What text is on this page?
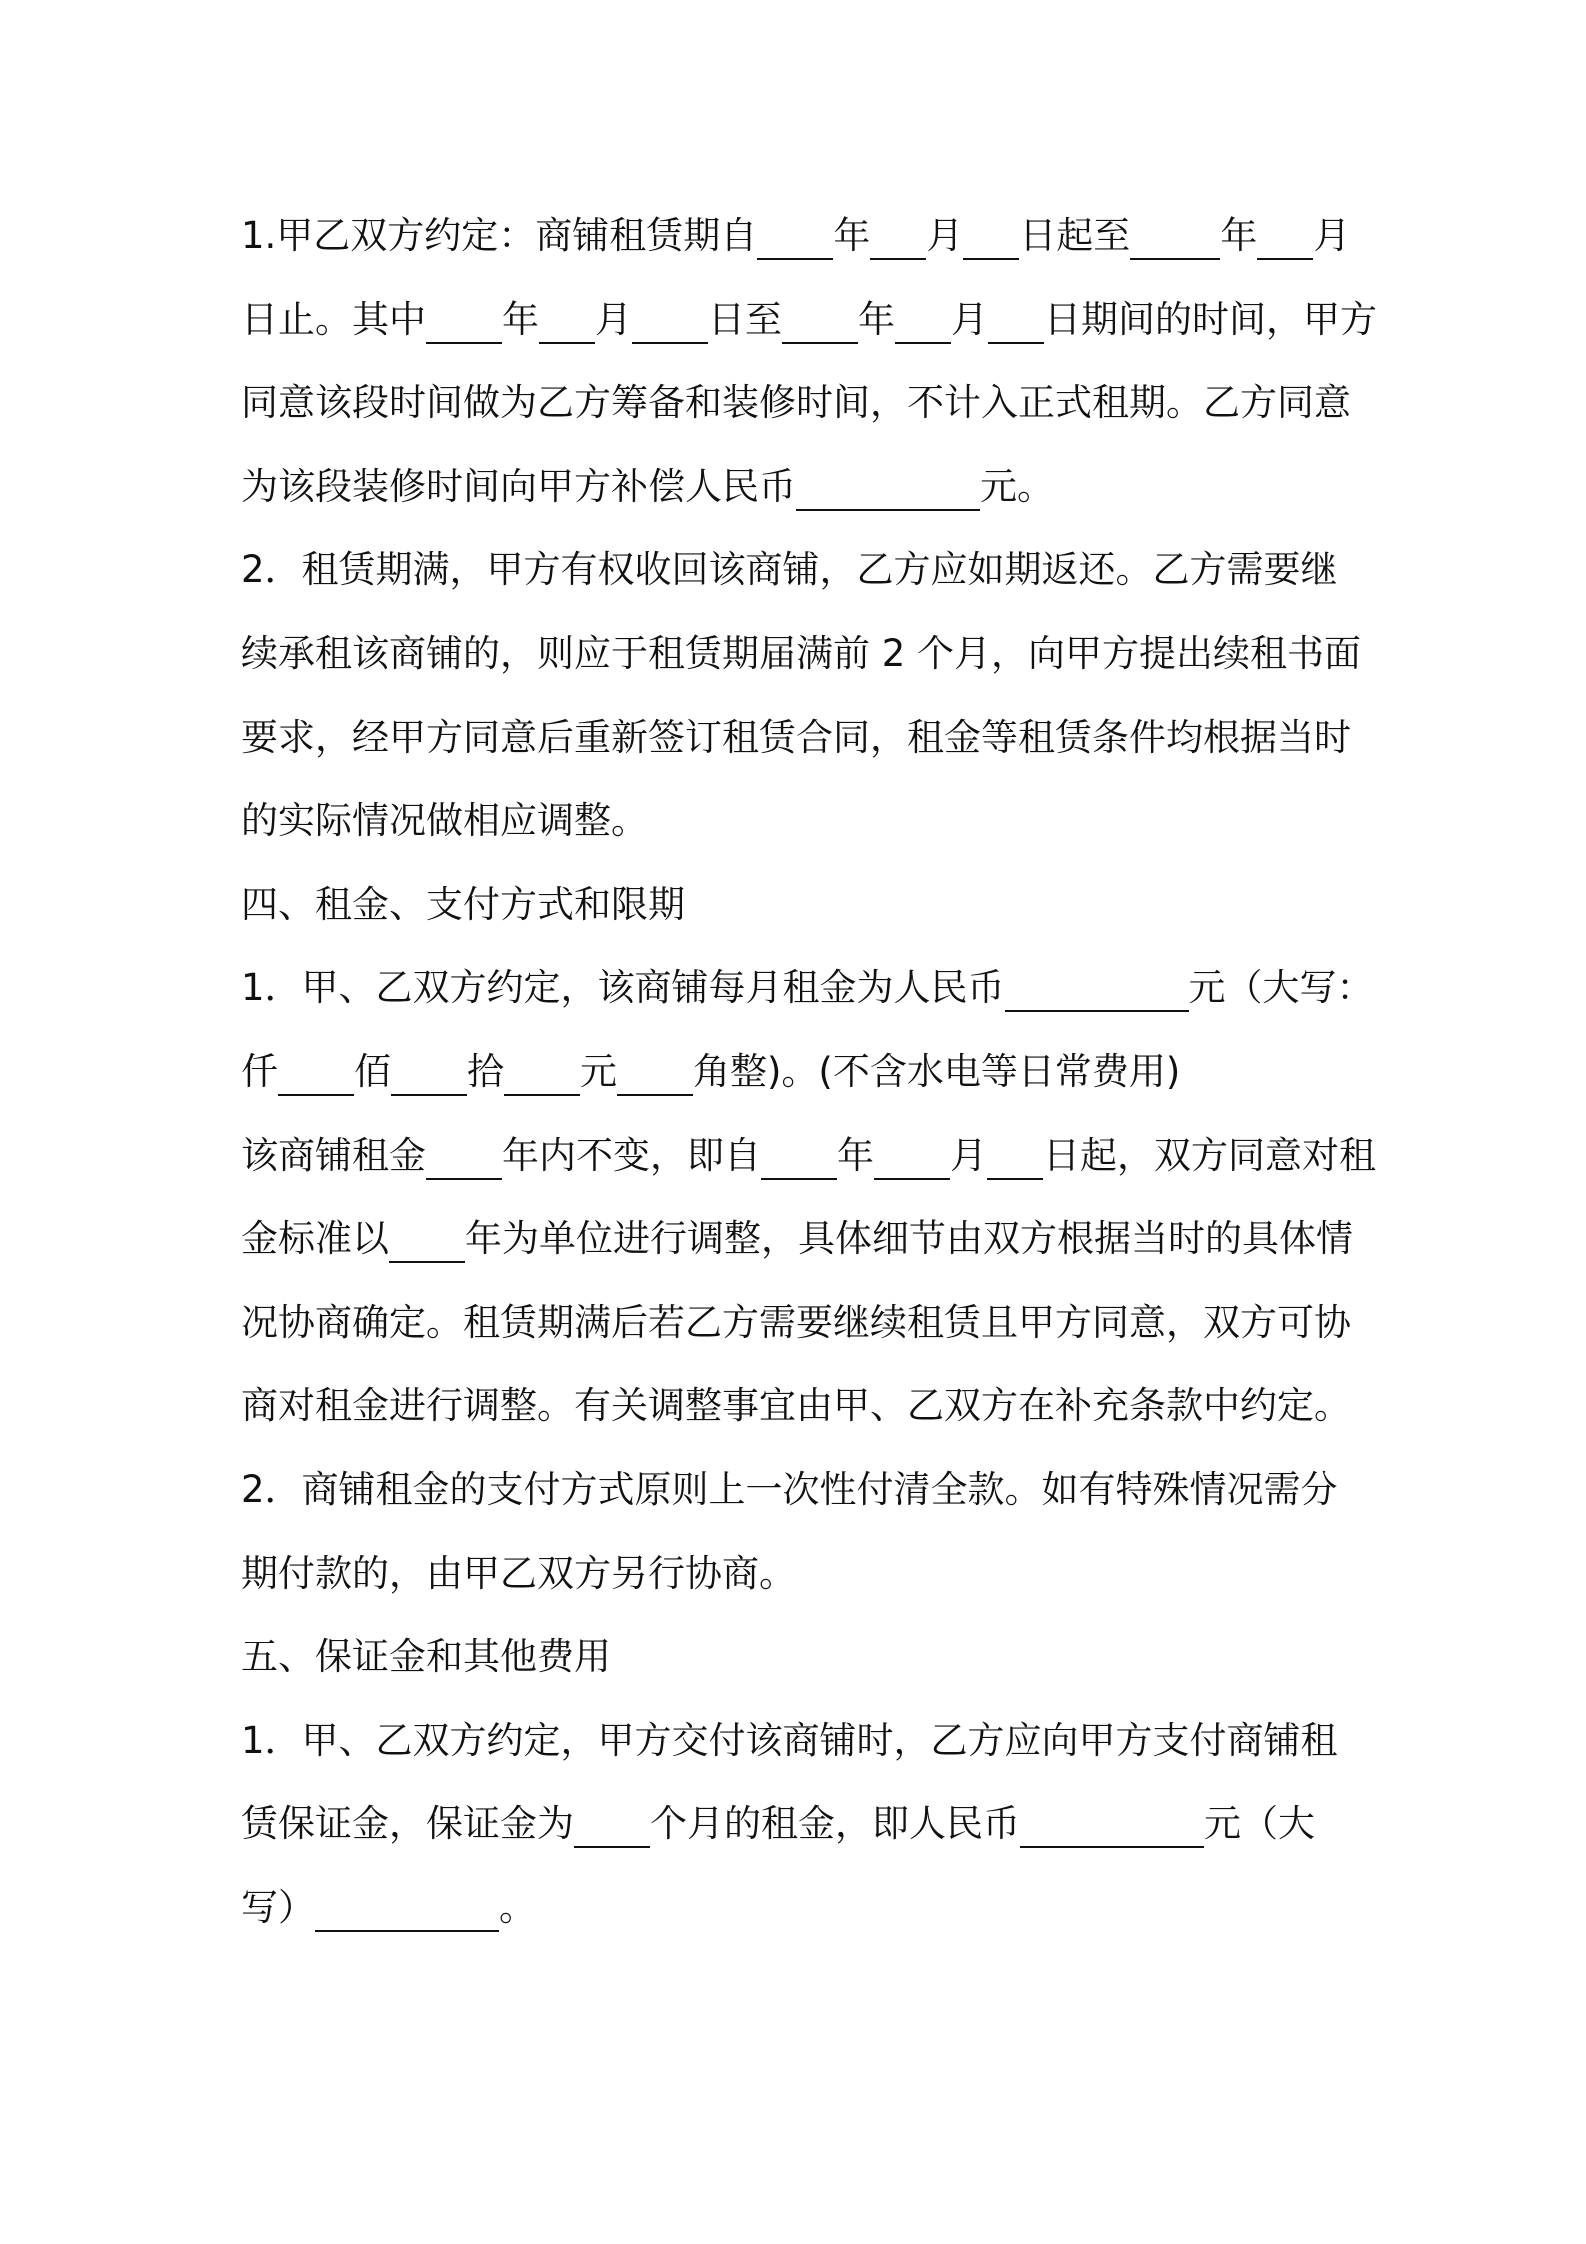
1.甲乙双方约定：商铺租赁期自 年 月 日起至 年 月
日止。其中 年 月 日至 年 月 日期间的时间，甲方
同意该段时间做为乙方筹备和装修时间，不计入正式租期。乙方同意
为该段装修时间向甲方补偿人民币	元。
2．租赁期满，甲方有权收回该商铺，乙方应如期返还。乙方需要继
续承租该商铺的，则应于租赁期届满前 2 个月，向甲方提出续租书面
要求，经甲方同意后重新签订租赁合同，租金等租赁条件均根据当时
的实际情况做相应调整。
四、租金、支付方式和限期
1．甲、乙双方约定，该商铺每月租金为人民币	元（大写：
仟 佰 拾 元 角整)。(不含水电等日常费用)
该商铺租金 年内不变，即自 年 月 日起，双方同意对租
金标准以 年为单位进行调整，具体细节由双方根据当时的具体情
况协商确定。租赁期满后若乙方需要继续租赁且甲方同意，双方可协
商对租金进行调整。有关调整事宜由甲、乙双方在补充条款中约定。
2．商铺租金的支付方式原则上一次性付清全款。如有特殊情况需分
期付款的，由甲乙双方另行协商。
五、保证金和其他费用
1．甲、乙双方约定，甲方交付该商铺时，乙方应向甲方支付商铺租
赁保证金，保证金为 个月的租金，即人民币	元（大
写）	。
